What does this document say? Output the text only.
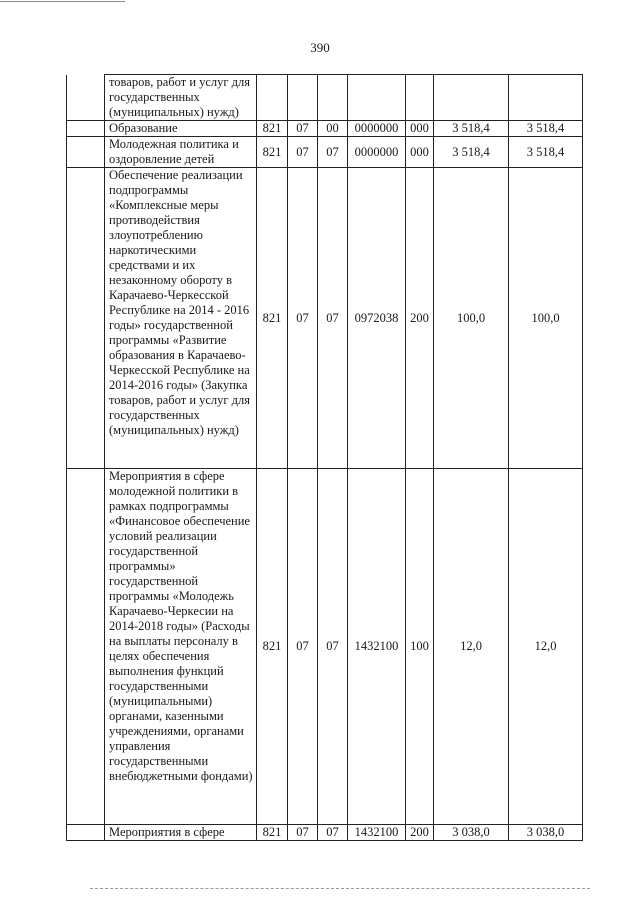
390
	товаров, работ и услуг для государственных (муниципальных) нужд)							
	Образование	821	07	00	0000000	000	3 518,4	3 518,4
	Молодежная политика и оздоровление детей	821	07	07	0000000	000	3 518,4	3 518,4
	Обеспечение реализации подпрограммы «Комплексные меры противодействия злоупотреблению наркотическими средствами и их незаконному обороту в Карачаево-Черкесской Республике на 2014 - 2016 годы» государственной программы «Развитие образования в Карачаево-Черкесской Республике на 2014-2016 годы» (Закупка товаров, работ и услуг для государственных (муниципальных) нужд)	821	07	07	0972038	200	100,0	100,0
	Мероприятия в сфере молодежной политики в рамках подпрограммы «Финансовое обеспечение условий реализации государственной программы» государственной программы «Молодежь Карачаево-Черкесии на 2014-2018 годы» (Расходы на выплаты персоналу в целях обеспечения выполнения функций государственными (муниципальными) органами, казенными учреждениями, органами управления государственными внебюджетными фондами)	821	07	07	1432100	100	12,0	12,0
	Мероприятия в сфере	821	07	07	1432100	200	3 038,0	3 038,0
